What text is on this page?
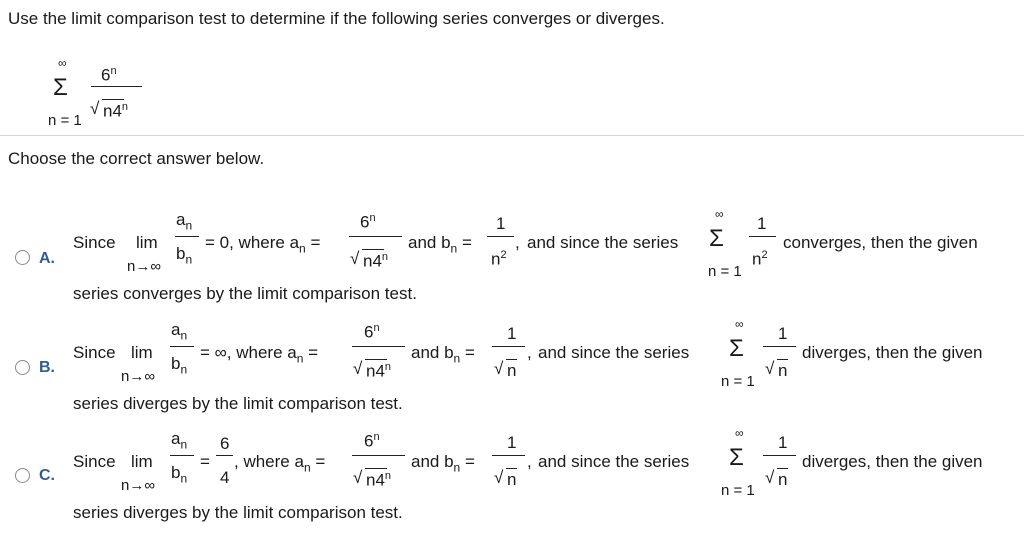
Use the limit comparison test to determine if the following series converges or diverges.
∞
Σ
n = 1
6$^n$
√ n4$^n$
Choose the correct answer below.
A.
Since lim
n→∞
$a_n$
$b_n$
= 0, where $a_n$ =
$6^n$
√ n4$^n$
and $b_n$ =
1
$n^2$
, and since the series
∞
Σ
n = 1
1
$n^2$
converges, then the given
series converges by the limit comparison test.
B.
Since lim
n→∞
$a_n$
$b_n$
= ∞, where $a_n$ =
$6^n$
√ n4$^n$
and $b_n$ =
1
√ n
, and since the series
∞
Σ
n = 1
1
√ n
diverges, then the given
series diverges by the limit comparison test.
C.
Since lim
n→∞
$a_n$
$b_n$
=
6
4
, where $a_n$ =
$6^n$
√ n4$^n$
and $b_n$ =
1
√ n
, and since the series
∞
Σ
n = 1
1
√ n
diverges, then the given
series diverges by the limit comparison test.
